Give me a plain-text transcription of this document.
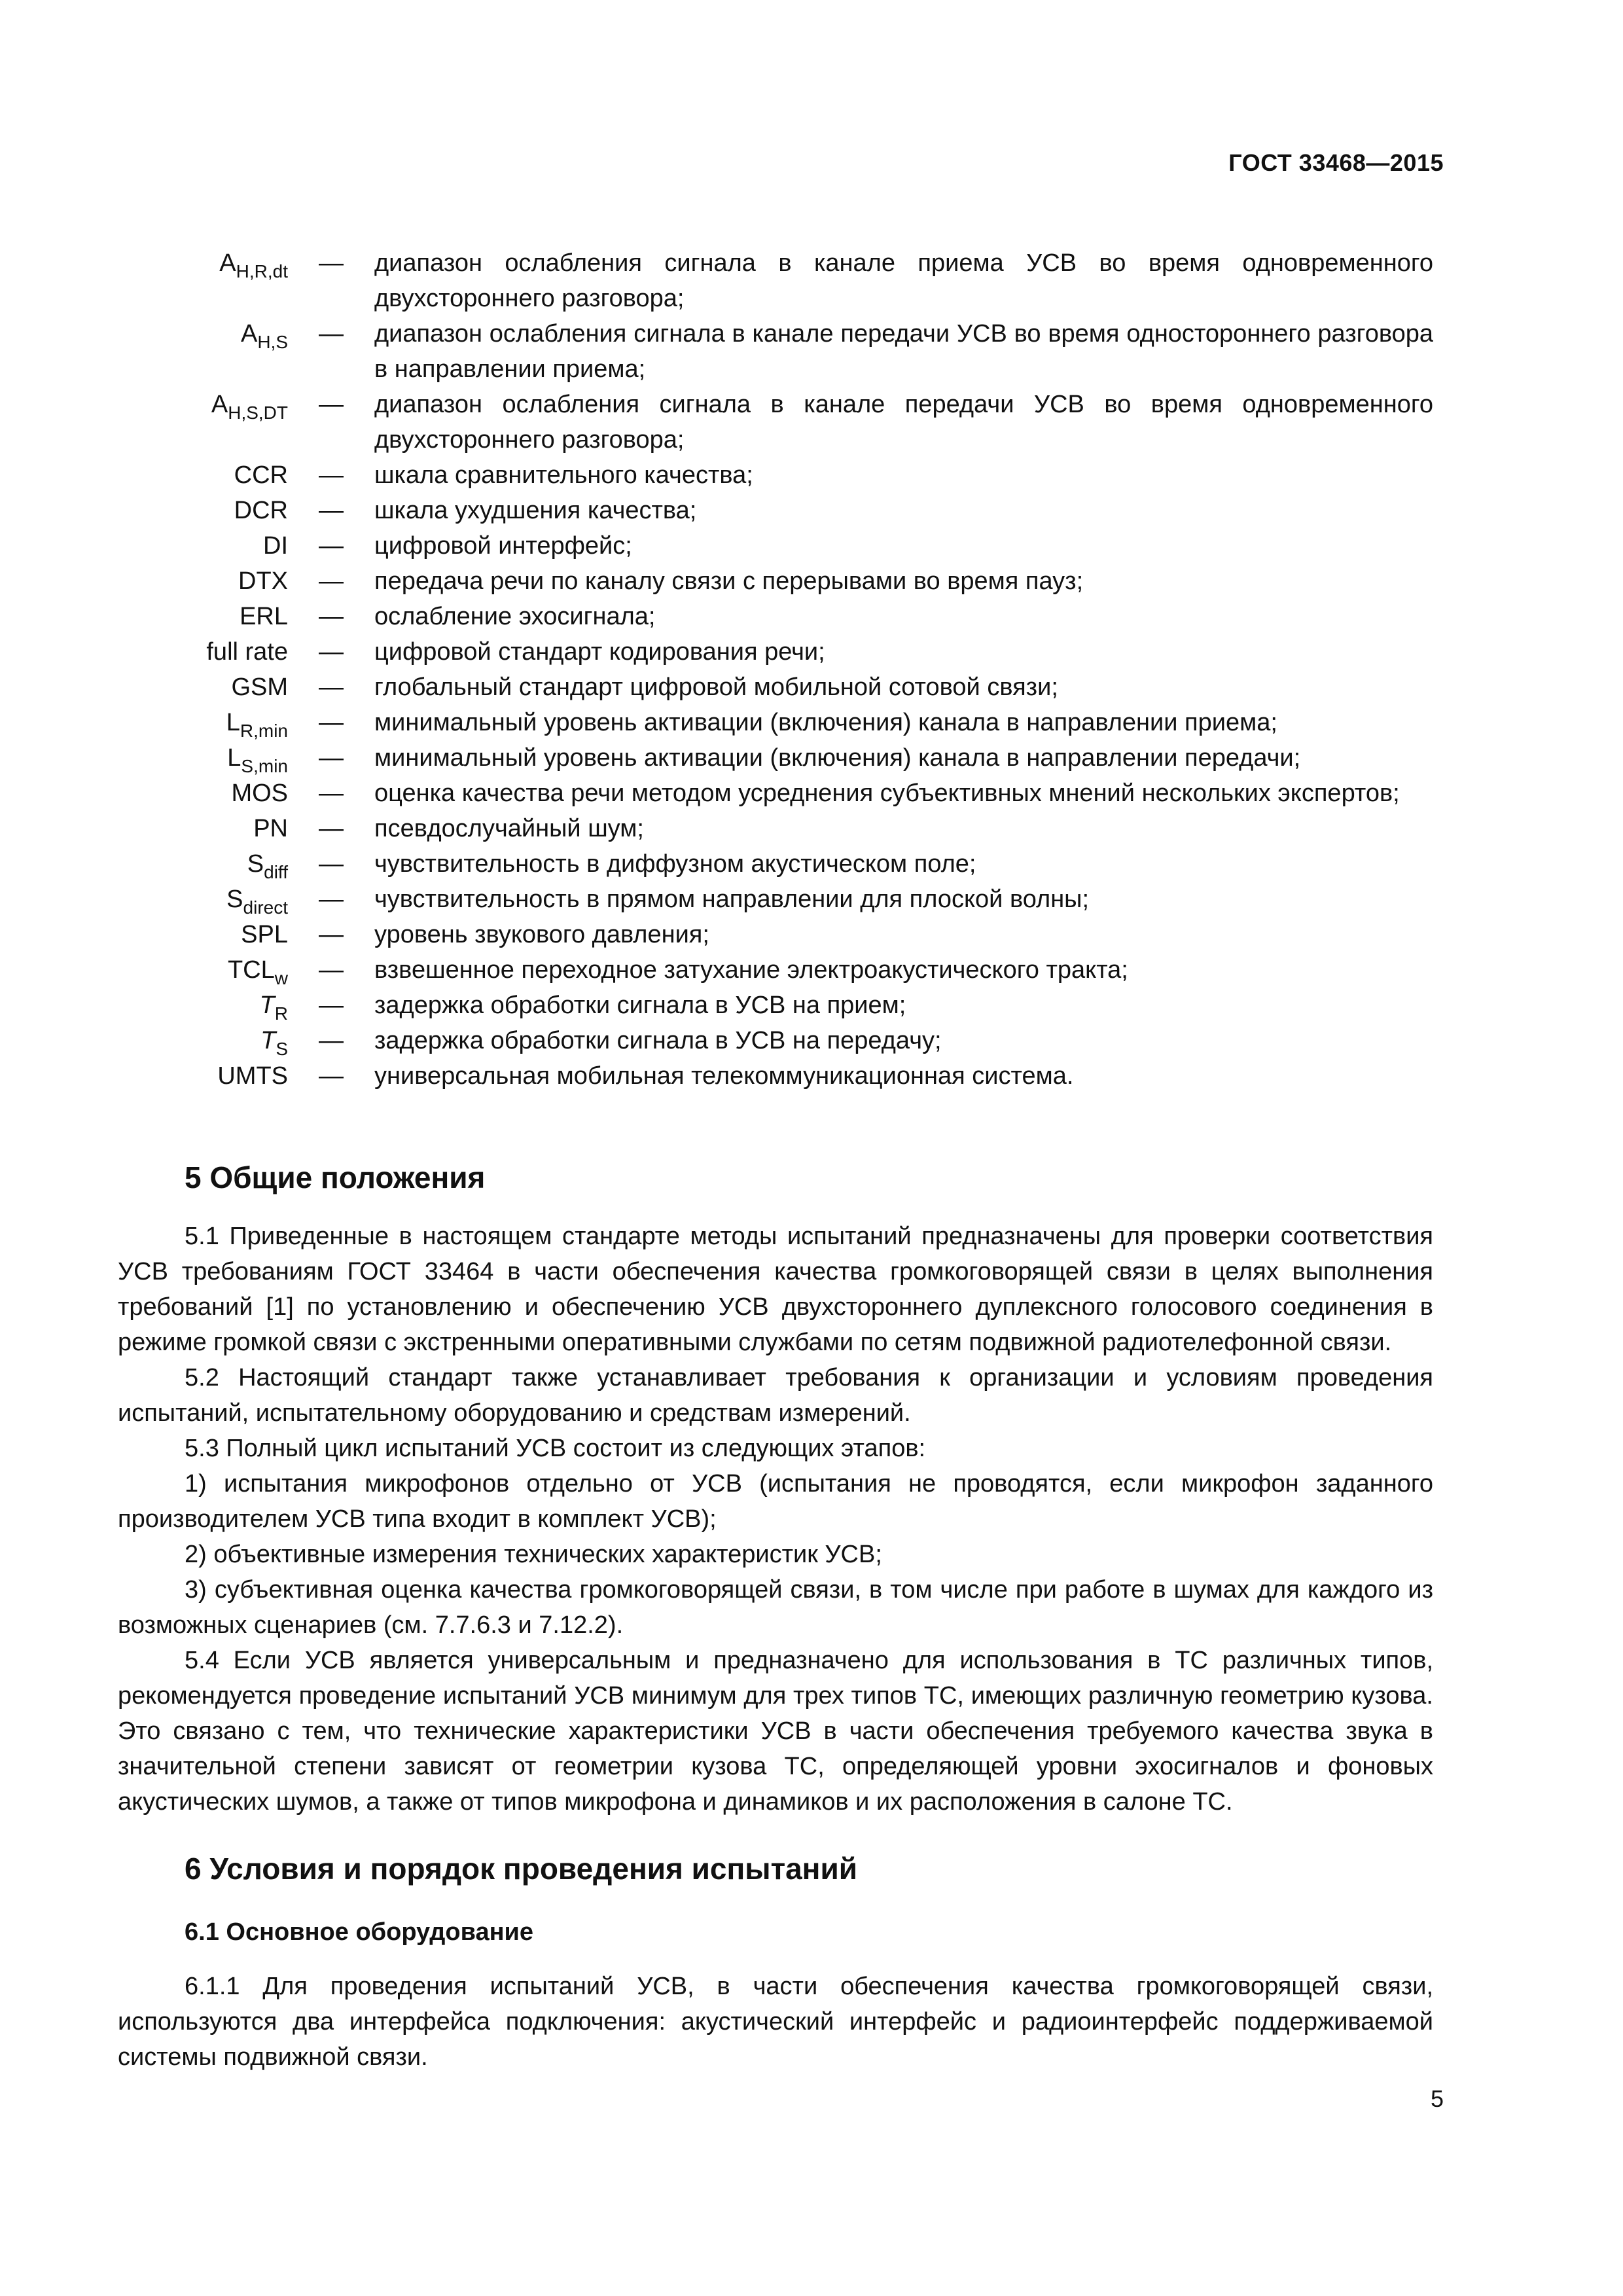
ГОСТ 33468—2015
$A_{H,R,dt}$	—	диапазон ослабления сигнала в канале приема УСВ во время одновременного двухстороннего разговора;
$A_{H,S}$	—	диапазон ослабления сигнала в канале передачи УСВ во время одностороннего разговора в направлении приема;
$A_{H,S,DT}$	—	диапазон ослабления сигнала в канале передачи УСВ во время одновременного двухстороннего разговора;
CCR	—	шкала сравнительного качества;
DCR	—	шкала ухудшения качества;
DI	—	цифровой интерфейс;
DTX	—	передача речи по каналу связи с перерывами во время пауз;
ERL	—	ослабление эхосигнала;
full rate	—	цифровой стандарт кодирования речи;
GSM	—	глобальный стандарт цифровой мобильной сотовой связи;
$L_{R,min}$	—	минимальный уровень активации (включения) канала в направлении приема;
$L_{S,min}$	—	минимальный уровень активации (включения) канала в направлении передачи;
MOS	—	оценка качества речи методом усреднения субъективных мнений нескольких экспертов;
PN	—	псевдослучайный шум;
$S_{diff}$	—	чувствительность в диффузном акустическом поле;
$S_{direct}$	—	чувствительность в прямом направлении для плоской волны;
SPL	—	уровень звукового давления;
$TCL_w$	—	взвешенное переходное затухание электроакустического тракта;
$T_R$	—	задержка обработки сигнала в УСВ на прием;
$T_S$	—	задержка обработки сигнала в УСВ на передачу;
UMTS	—	универсальная мобильная телекоммуникационная система.
5 Общие положения

5.1 Приведенные в настоящем стандарте методы испытаний предназначены для проверки соответствия УСВ требованиям ГОСТ 33464 в части обеспечения качества громкоговорящей связи в целях выполнения требований [1] по установлению и обеспечению УСВ двухстороннего дуплексного голосового соединения в режиме громкой связи с экстренными оперативными службами по сетям подвижной радиотелефонной связи.

5.2 Настоящий стандарт также устанавливает требования к организации и условиям проведения испытаний, испытательному оборудованию и средствам измерений.

5.3 Полный цикл испытаний УСВ состоит из следующих этапов:

1) испытания микрофонов отдельно от УСВ (испытания не проводятся, если микрофон заданного производителем УСВ типа входит в комплект УСВ);

2) объективные измерения технических характеристик УСВ;

3) субъективная оценка качества громкоговорящей связи, в том числе при работе в шумах для каждого из возможных сценариев (см. 7.7.6.3 и 7.12.2).

5.4 Если УСВ является универсальным и предназначено для использования в ТС различных типов, рекомендуется проведение испытаний УСВ минимум для трех типов ТС, имеющих различную геометрию кузова. Это связано с тем, что технические характеристики УСВ в части обеспечения требуемого качества звука в значительной степени зависят от геометрии кузова ТС, определяющей уровни эхосигналов и фоновых акустических шумов, а также от типов микрофона и динамиков и их расположения в салоне ТС.

6 Условия и порядок проведения испытаний
6.1 Основное оборудование

6.1.1 Для проведения испытаний УСВ, в части обеспечения качества громкоговорящей связи, используются два интерфейса подключения: акустический интерфейс и радиоинтерфейс поддерживаемой системы подвижной связи.

5
